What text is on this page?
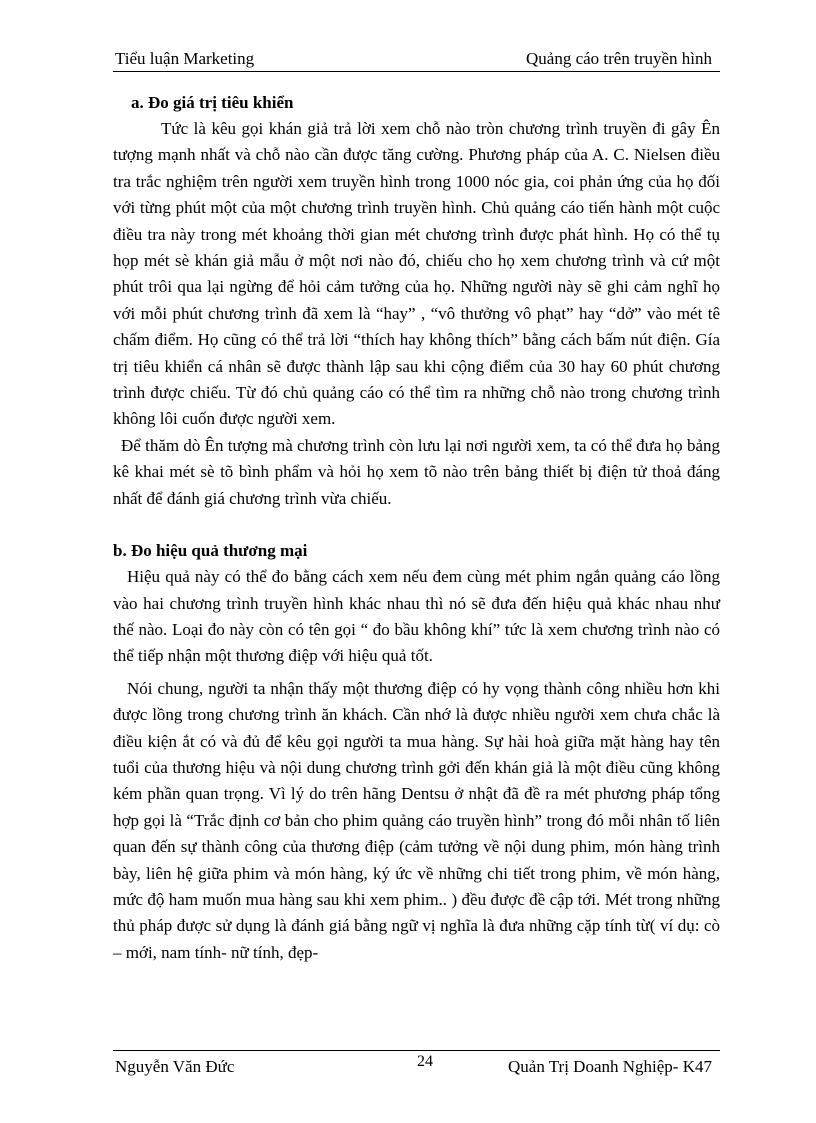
Tiểu luận Marketing	Quảng cáo trên truyền hình

a. Đo giá trị tiêu khiển

Tức là kêu gọi khán giả trả lời xem chỗ nào tròn chương trình truyền đi gây Ên tượng mạnh nhất và chỗ nào cần được tăng cường. Phương pháp của A. C. Nielsen điều tra trắc nghiệm trên người xem truyền hình trong 1000 nóc gia, coi phản ứng của họ đối với từng phút một của một chương trình truyền hình. Chủ quảng cáo tiến hành một cuộc điều tra này trong mét khoảng thời gian mét chương trình được phát hình. Họ có thể tụ họp mét sè khán giả mẫu ở một nơi nào đó, chiếu cho họ xem chương trình và cứ một phút trôi qua lại ngừng để hỏi cảm tưởng của họ. Những người này sẽ ghi cảm nghĩ họ với mỗi phút chương trình đã xem là “hay” , “vô thưởng vô phạt” hay “dở” vào mét tê chấm điểm. Họ cũng có thể trả lời “thích hay không thích” bằng cách bấm nút điện. Gía trị tiêu khiển cá nhân sẽ được thành lập sau khi cộng điểm của 30 hay 60 phút chương trình được chiếu. Từ đó chủ quảng cáo có thể tìm ra những chỗ nào trong chương trình không lôi cuốn được người xem.

Để thăm dò Ên tượng mà chương trình còn lưu lại nơi người xem, ta có thể đưa họ bảng kê khai mét sè tõ bình phẩm và hỏi họ xem tõ nào trên bảng thiết bị điện tử thoả đáng nhất để đánh giá chương trình vừa chiếu.

b. Đo hiệu quả thương mại

Hiệu quả này có thể đo bằng cách xem nếu đem cùng mét phim ngắn quảng cáo lồng vào hai chương trình truyền hình khác nhau thì nó sẽ đưa đến hiệu quả khác nhau như thế nào. Loại đo này còn có tên gọi “ đo bầu không khí” tức là xem chương trình nào có thể tiếp nhận một thương điệp với hiệu quả tốt.

Nói chung, người ta nhận thấy một thương điệp có hy vọng thành công nhiều hơn khi được lồng trong chương trình ăn khách. Cần nhớ là được nhiều người xem chưa chắc là điều kiện ắt có và đủ để kêu gọi người ta mua hàng. Sự hài hoà giữa mặt hàng hay tên tuổi của thương hiệu và nội dung chương trình gởi đến khán giả là một điều cũng không kém phần quan trọng. Vì lý do trên hãng Dentsu ở nhật đã đề ra mét phương pháp tổng hợp gọi là “Trắc định cơ bản cho phim quảng cáo truyền hình” trong đó mỗi nhân tố liên quan đến sự thành công của thương điệp (cảm tưởng về nội dung phim, món hàng trình bày, liên hệ giữa phim và món hàng, ký ức về những chi tiết trong phim, về món hàng, mức độ ham muốn mua hàng sau khi xem phim.. ) đều được đề cập tới. Mét trong những thủ pháp được sử dụng là đánh giá bằng ngữ vị nghĩa là đưa những cặp tính từ( ví dụ: cò – mới, nam tính- nữ tính, đẹp-

Nguyễn Văn Đức	24	Quản Trị Doanh Nghiệp- K47
